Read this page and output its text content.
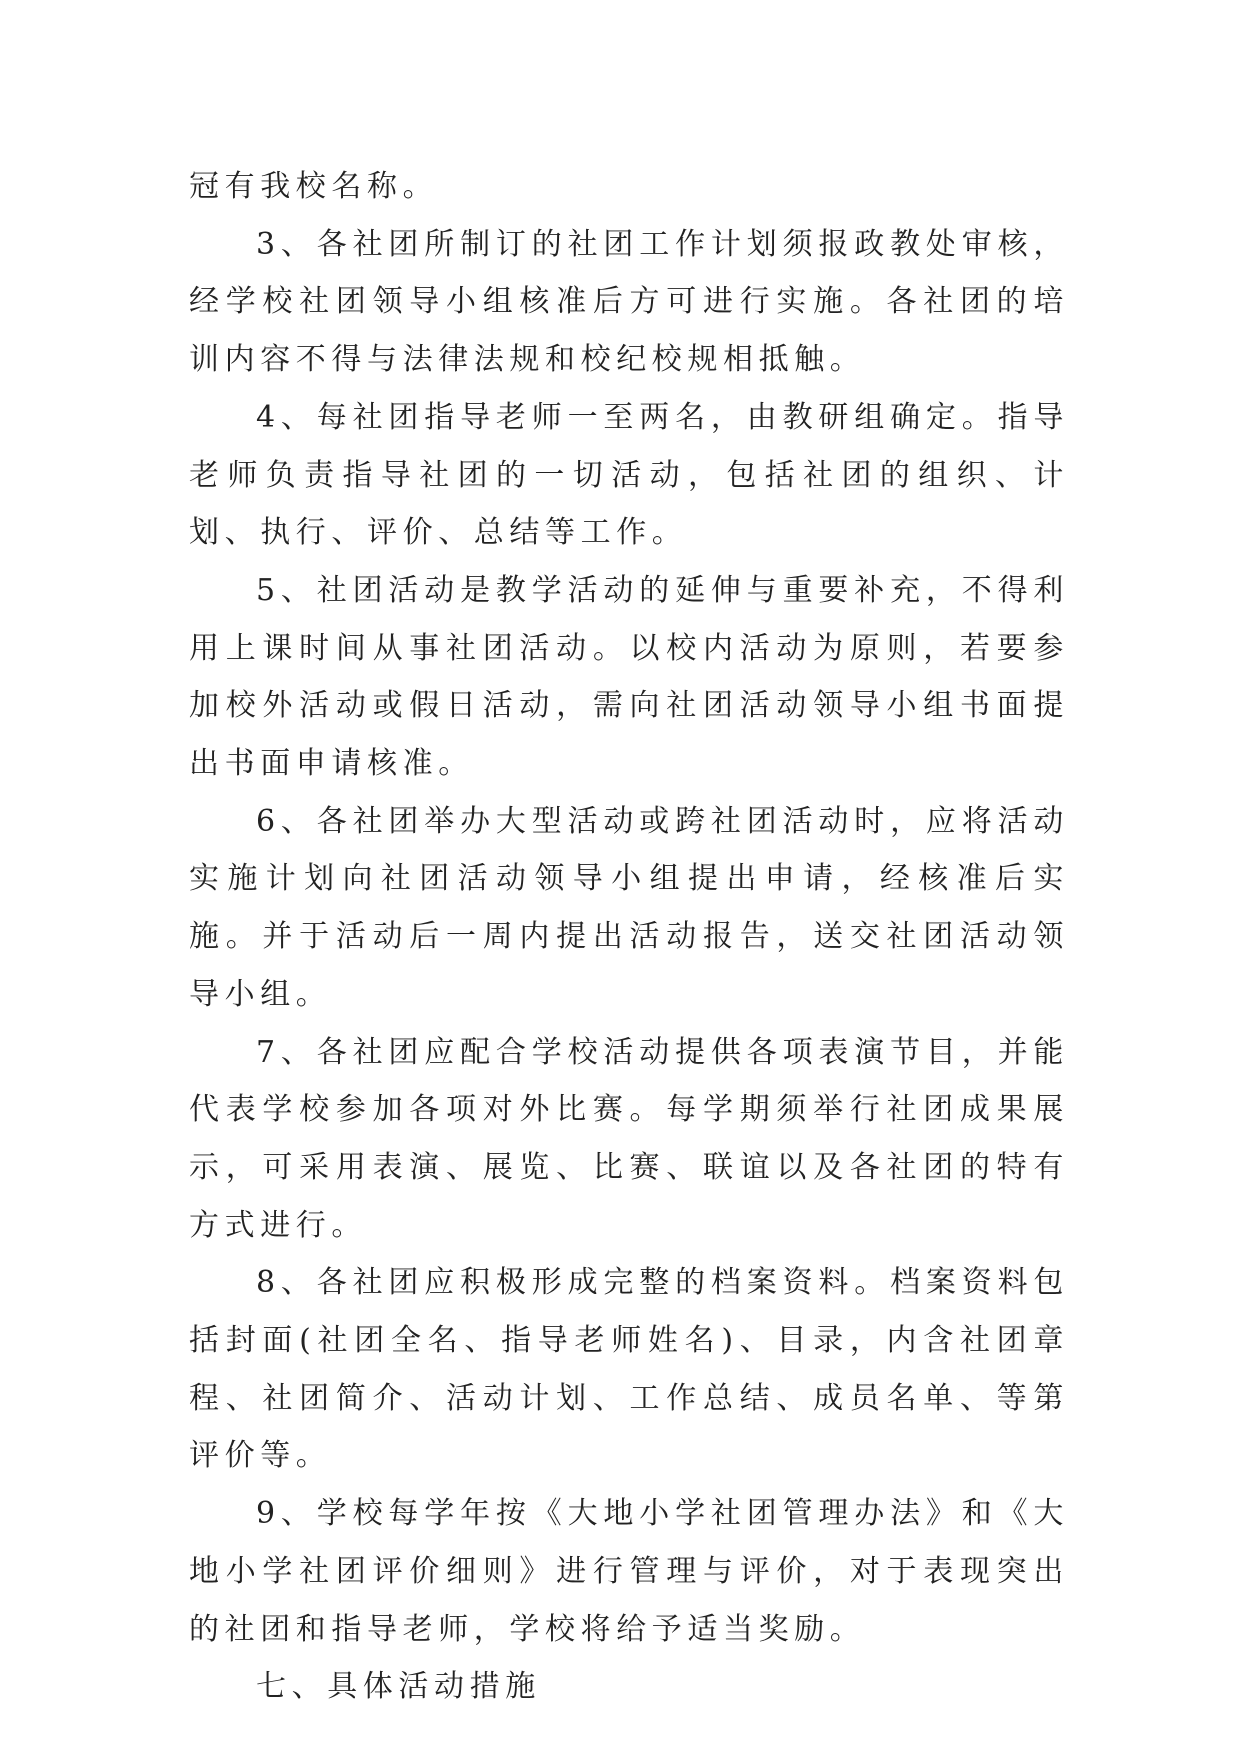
冠有我校名称。

3、各社团所制订的社团工作计划须报政教处审核，经学校社团领导小组核准后方可进行实施。各社团的培训内容不得与法律法规和校纪校规相抵触。

4、每社团指导老师一至两名，由教研组确定。指导老师负责指导社团的一切活动，包括社团的组织、计划、执行、评价、总结等工作。

5、社团活动是教学活动的延伸与重要补充，不得利用上课时间从事社团活动。以校内活动为原则，若要参加校外活动或假日活动，需向社团活动领导小组书面提出书面申请核准。

6、各社团举办大型活动或跨社团活动时，应将活动实施计划向社团活动领导小组提出申请，经核准后实施。并于活动后一周内提出活动报告，送交社团活动领导小组。

7、各社团应配合学校活动提供各项表演节目，并能代表学校参加各项对外比赛。每学期须举行社团成果展示，可采用表演、展览、比赛、联谊以及各社团的特有方式进行。

8、各社团应积极形成完整的档案资料。档案资料包括封面(社团全名、指导老师姓名)、目录，内含社团章程、社团简介、活动计划、工作总结、成员名单、等第评价等。

9、学校每学年按《大地小学社团管理办法》和《大地小学社团评价细则》进行管理与评价，对于表现突出的社团和指导老师，学校将给予适当奖励。

七、具体活动措施
